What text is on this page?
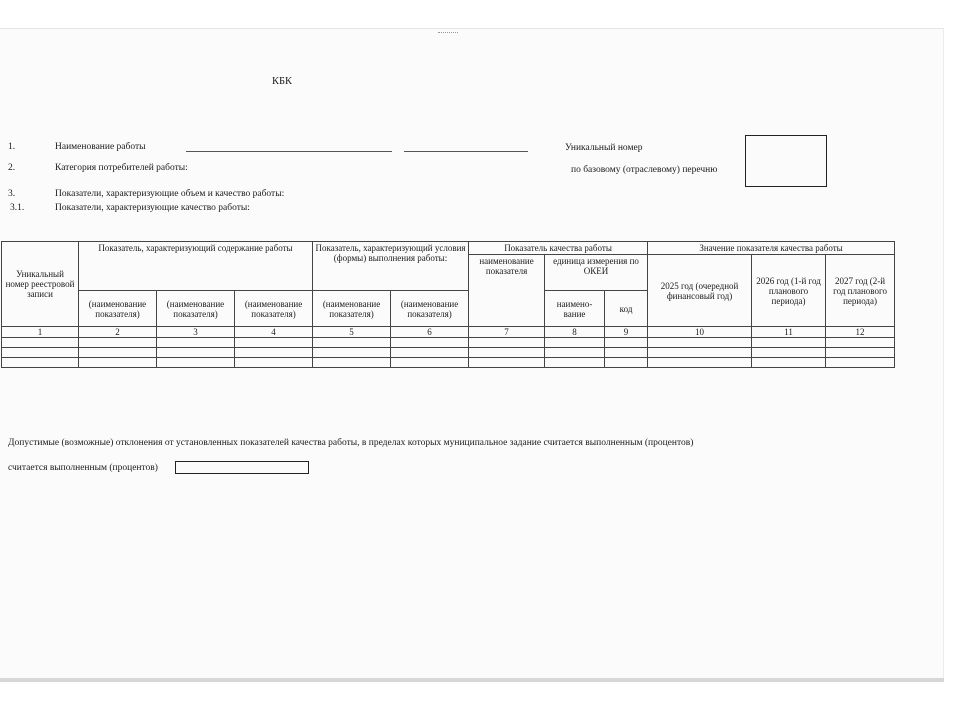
КБК
1.	Наименование работы
2.	Категория потребителей работы:
3.	Показатели, характеризующие объем и качество работы:
3.1.	Показатели, характеризующие качество работы:
Уникальный номер
по базовому (отраслевому) перечню
Уникальный номер реестровой записи	Показатель, характеризующий содержание работы			Показатель, характеризующий условия (формы) выполнения работы:		Показатель качества работы			Значение показателя качества работы		
						наименование показателя	единица измерения по ОКЕИ		2025 год (очередной финансовый год)	2026 год (1-й год планового периода)	2027 год (2-й год планового периода)
	(наименование показателя)	(наименование показателя)	(наименование показателя)	(наименование показателя)	(наименование показателя)		наимено-вание	код			
1	2	3	4	5	6	7	8	9	10	11	12

Допустимые (возможные) отклонения от установленных показателей качества работы, в пределах которых муниципальное задание считается выполненным (процентов)
считается выполненным (процентов)
